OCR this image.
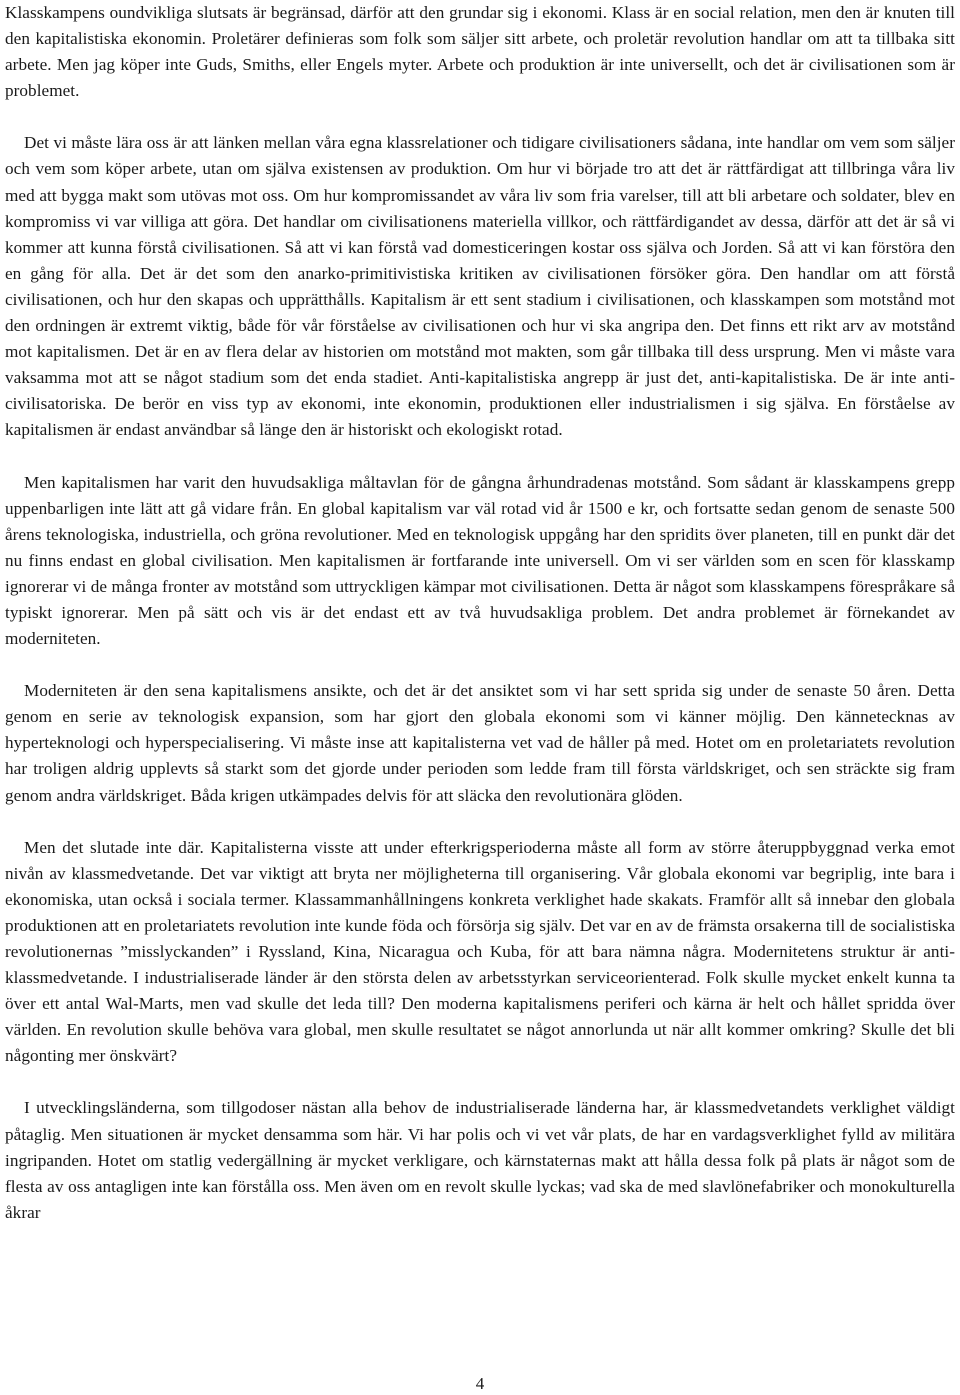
Klasskampens oundvikliga slutsats är begränsad, därför att den grundar sig i ekonomi. Klass är en social relation, men den är knuten till den kapitalistiska ekonomin. Proletärer definieras som folk som säljer sitt arbete, och proletär revolution handlar om att ta tillbaka sitt arbete. Men jag köper inte Guds, Smiths, eller Engels myter. Arbete och produktion är inte universellt, och det är civilisationen som är problemet.

Det vi måste lära oss är att länken mellan våra egna klassrelationer och tidigare civilisationers sådana, inte handlar om vem som säljer och vem som köper arbete, utan om själva existensen av produktion. Om hur vi började tro att det är rättfärdigat att tillbringa våra liv med att bygga makt som utövas mot oss. Om hur kompromissandet av våra liv som fria varelser, till att bli arbetare och soldater, blev en kompromiss vi var villiga att göra. Det handlar om civilisationens materiella villkor, och rättfärdigandet av dessa, därför att det är så vi kommer att kunna förstå civilisationen. Så att vi kan förstå vad domesticeringen kostar oss själva och Jorden. Så att vi kan förstöra den en gång för alla. Det är det som den anarko-primitivistiska kritiken av civilisationen försöker göra. Den handlar om att förstå civilisationen, och hur den skapas och upprätthålls. Kapitalism är ett sent stadium i civilisationen, och klasskampen som motstånd mot den ordningen är extremt viktig, både för vår förståelse av civilisationen och hur vi ska angripa den. Det finns ett rikt arv av motstånd mot kapitalismen. Det är en av flera delar av historien om motstånd mot makten, som går tillbaka till dess ursprung. Men vi måste vara vaksamma mot att se något stadium som det enda stadiet. Anti-kapitalistiska angrepp är just det, anti-kapitalistiska. De är inte anti-civilisatoriska. De berör en viss typ av ekonomi, inte ekonomin, produktionen eller industrialismen i sig själva. En förståelse av kapitalismen är endast användbar så länge den är historiskt och ekologiskt rotad.

Men kapitalismen har varit den huvudsakliga måltavlan för de gångna århundradenas motstånd. Som sådant är klasskampens grepp uppenbarligen inte lätt att gå vidare från. En global kapitalism var väl rotad vid år 1500 e kr, och fortsatte sedan genom de senaste 500 årens teknologiska, industriella, och gröna revolutioner. Med en teknologisk uppgång har den spridits över planeten, till en punkt där det nu finns endast en global civilisation. Men kapitalismen är fortfarande inte universell. Om vi ser världen som en scen för klasskamp ignorerar vi de många fronter av motstånd som uttryckligen kämpar mot civilisationen. Detta är något som klasskampens förespråkare så typiskt ignorerar. Men på sätt och vis är det endast ett av två huvudsakliga problem. Det andra problemet är förnekandet av moderniteten.

Moderniteten är den sena kapitalismens ansikte, och det är det ansiktet som vi har sett sprida sig under de senaste 50 åren. Detta genom en serie av teknologisk expansion, som har gjort den globala ekonomi som vi känner möjlig. Den kännetecknas av hyperteknologi och hyperspecialisering. Vi måste inse att kapitalisterna vet vad de håller på med. Hotet om en proletariatets revolution har troligen aldrig upplevts så starkt som det gjorde under perioden som ledde fram till första världskriget, och sen sträckte sig fram genom andra världskriget. Båda krigen utkämpades delvis för att släcka den revolutionära glöden.

Men det slutade inte där. Kapitalisterna visste att under efterkrigsperioderna måste all form av större återuppbyggnad verka emot nivån av klassmedvetande. Det var viktigt att bryta ner möjligheterna till organisering. Vår globala ekonomi var begriplig, inte bara i ekonomiska, utan också i sociala termer. Klassammanhållningens konkreta verklighet hade skakats. Framför allt så innebar den globala produktionen att en proletariatets revolution inte kunde föda och försörja sig själv. Det var en av de främsta orsakerna till de socialistiska revolutionernas ”misslyckanden” i Ryssland, Kina, Nicaragua och Kuba, för att bara nämna några. Modernitetens struktur är anti-klassmedvetande. I industrialiserade länder är den största delen av arbetsstyrkan serviceorienterad. Folk skulle mycket enkelt kunna ta över ett antal Wal-Marts, men vad skulle det leda till? Den moderna kapitalismens periferi och kärna är helt och hållet spridda över världen. En revolution skulle behöva vara global, men skulle resultatet se något annorlunda ut när allt kommer omkring? Skulle det bli någonting mer önskvärt?

I utvecklingsländerna, som tillgodoser nästan alla behov de industrialiserade länderna har, är klassmedvetandets verklighet väldigt påtaglig. Men situationen är mycket densamma som här. Vi har polis och vi vet vår plats, de har en vardagsverklighet fylld av militära ingripanden. Hotet om statlig vedergällning är mycket verkligare, och kärnstaternas makt att hålla dessa folk på plats är något som de flesta av oss antagligen inte kan förstålla oss. Men även om en revolt skulle lyckas; vad ska de med slavlönefabriker och monokulturella åkrar

4
